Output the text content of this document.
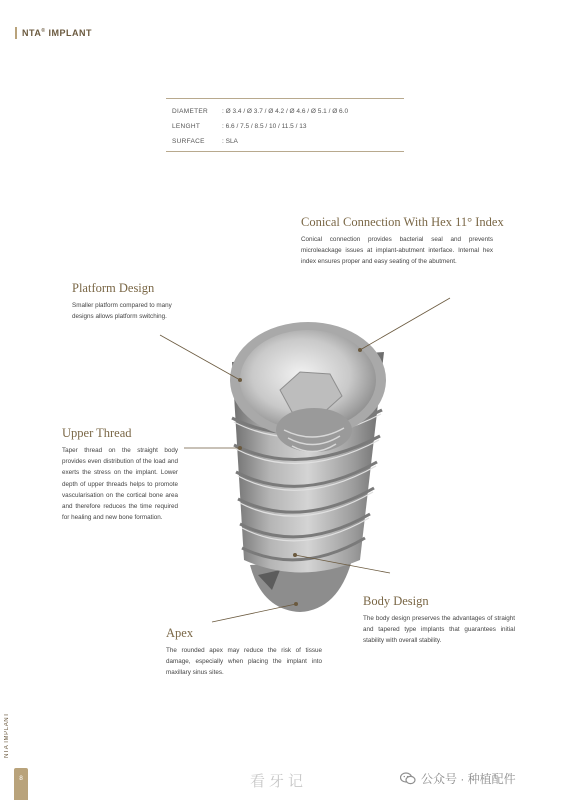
NTA® IMPLANT
DIAMETER	: Ø 3.4 / Ø 3.7 / Ø 4.2 / Ø 4.6 / Ø 5.1 / Ø 6.0
LENGHT	: 6.6 / 7.5 / 8.5 / 10 / 11.5 / 13
SURFACE	: SLA
Conical Connection With Hex 11° Index
Conical connection provides bacterial seal and prevents microleackage issues at implant-abutment interface. Internal hex index ensures proper and easy seating of the abutment.
Platform Design
Smaller platform compared to many designs allows platform switching.
Upper Thread
Taper thread on the straight body provides even distribution of the load and exerts the stress on the implant. Lower depth of upper threads helps to promote vascularisation on the cortical bone area and therefore reduces the time required for healing and new bone formation.
Body Design
The body design preserves the advantages of straight and tapered type implants that guarantees initial stability with overall stability.
Apex
The rounded apex may reduce the risk of tissue damage, especially when placing the implant into maxillary sinus sites.
NTA IMPLANT
8	看牙记	公众号 · 种植配件
